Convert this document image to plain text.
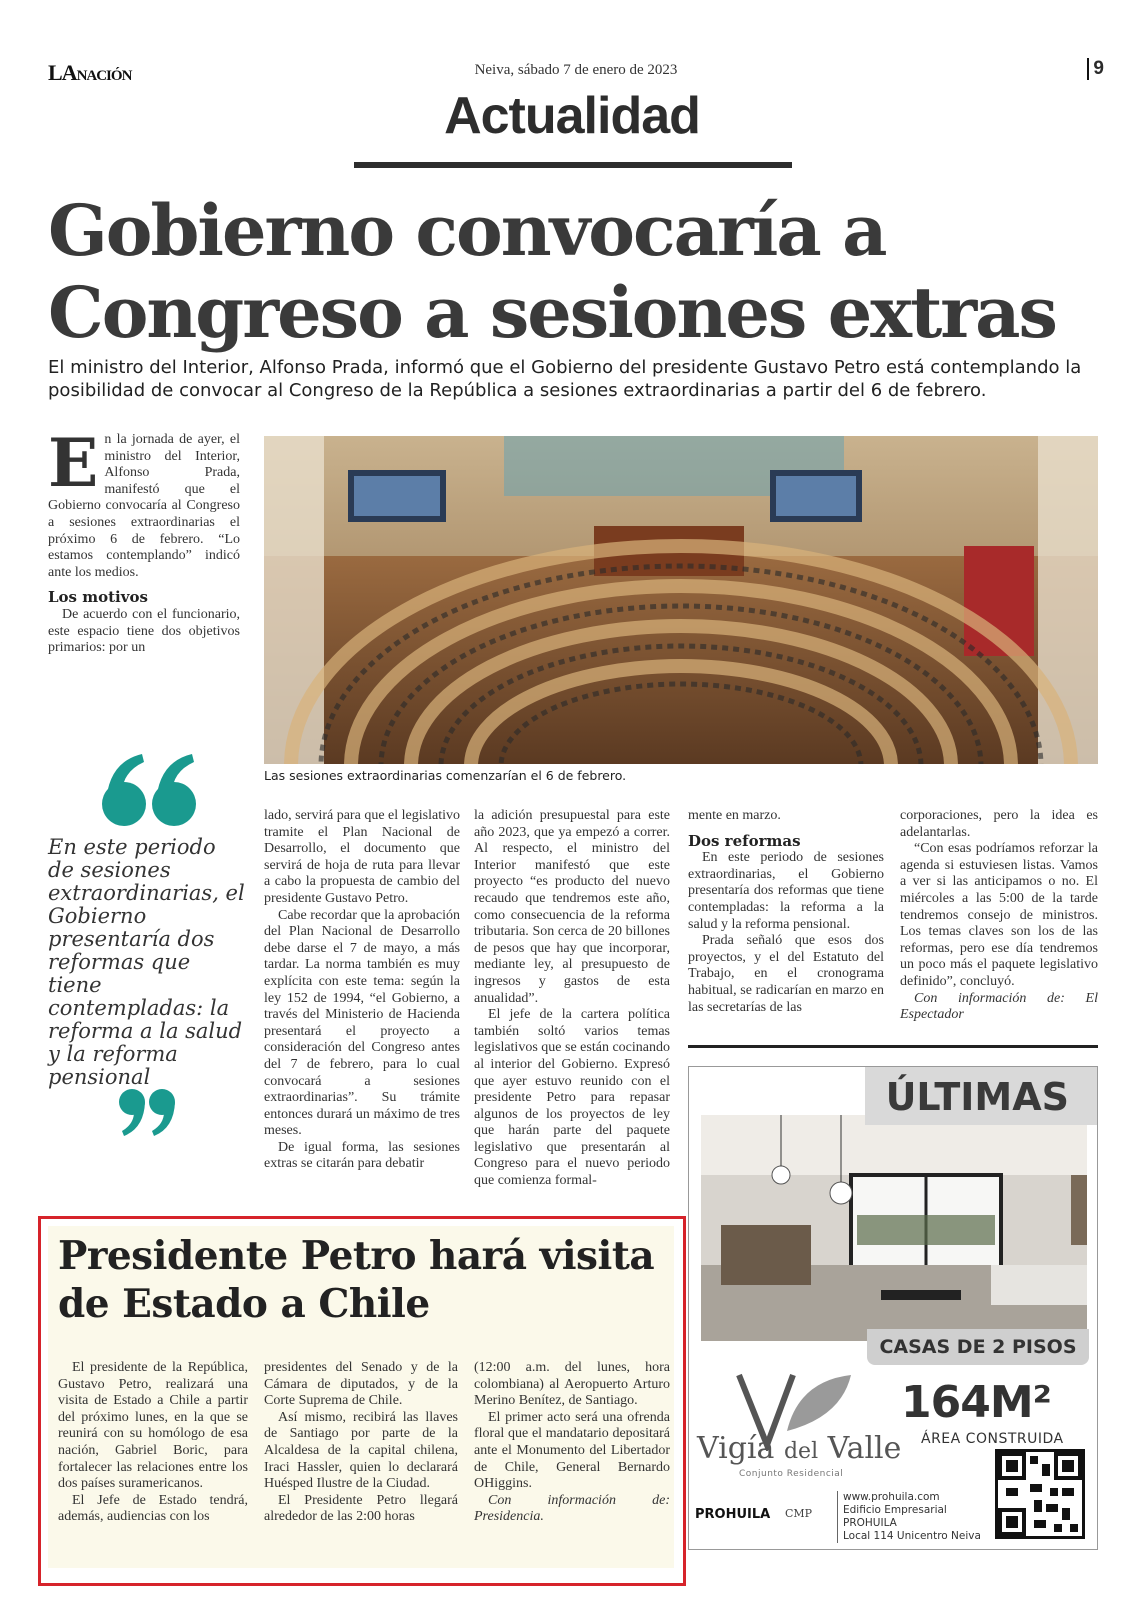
LANACIÓN	Neiva, sábado 7 de enero de 2023	9
Actualidad
Gobierno convocaría a
Congreso a sesiones extras

El ministro del Interior, Alfonso Prada, informó que el Gobierno del presidente Gustavo Petro está contemplando la posibilidad de convocar al Congreso de la República a sesiones extraordinarias a partir del 6 de febrero.

En la jornada de ayer, el ministro del Interior, Alfonso Prada, manifestó que el Gobierno convocaría al Congreso a sesiones extraordinarias el próximo 6 de febrero. “Lo estamos contemplando” indicó ante los medios.

Los motivos

De acuerdo con el funcionario, este espacio tiene dos objetivos primarios: por un

Las sesiones extraordinarias comenzarían el 6 de febrero.
En este periodo de sesiones extraordinarias, el Gobierno presentaría dos reformas que tiene contempladas: la reforma a la salud y la reforma pensional

lado, servirá para que el legislativo tramite el Plan Nacional de Desarrollo, el documento que servirá de hoja de ruta para llevar a cabo la propuesta de cambio del presidente Gustavo Petro.

Cabe recordar que la aprobación del Plan Nacional de Desarrollo debe darse el 7 de mayo, a más tardar. La norma también es muy explícita con este tema: según la ley 152 de 1994, “el Gobierno, a través del Ministerio de Hacienda presentará el proyecto a consideración del Congreso antes del 7 de febrero, para lo cual convocará a sesiones extraordinarias”. Su trámite entonces durará un máximo de tres meses.

De igual forma, las sesiones extras se citarán para debatir

la adición presupuestal para este año 2023, que ya empezó a correr. Al respecto, el ministro del Interior manifestó que este proyecto “es producto del nuevo recaudo que tendremos este año, como consecuencia de la reforma tributaria. Son cerca de 20 billones de pesos que hay que incorporar, mediante ley, al presupuesto de ingresos y gastos de esta anualidad”.

El jefe de la cartera política también soltó varios temas legislativos que se están cocinando al interior del Gobierno. Expresó que ayer estuvo reunido con el presidente Petro para repasar algunos de los proyectos de ley que harán parte del paquete legislativo que presentarán al Congreso para el nuevo periodo que comienza formal-

mente en marzo.

Dos reformas

En este periodo de sesiones extraordinarias, el Gobierno presentaría dos reformas que tiene contempladas: la reforma a la salud y la reforma pensional.

Prada señaló que esos dos proyectos, y el del Estatuto del Trabajo, en el cronograma habitual, se radicarían en marzo en las secretarías de las

corporaciones, pero la idea es adelantarlas.

“Con esas podríamos reforzar la agenda si estuviesen listas. Vamos a ver si las anticipamos o no. El miércoles a las 5:00 de la tarde tendremos consejo de ministros. Los temas claves son los de las reformas, pero ese día tendremos un poco más el paquete legislativo definido”, concluyó.

Con información de: El Espectador

Presidente Petro hará visita
de Estado a Chile

El presidente de la República, Gustavo Petro, realizará una visita de Estado a Chile a partir del próximo lunes, en la que se reunirá con su homólogo de esa nación, Gabriel Boric, para fortalecer las relaciones entre los dos países suramericanos.

El Jefe de Estado tendrá, además, audiencias con los

presidentes del Senado y de la Cámara de diputados, y de la Corte Suprema de Chile.

Así mismo, recibirá las llaves de Santiago por parte de la Alcaldesa de la capital chilena, Iraci Hassler, quien lo declarará Huésped Ilustre de la Ciudad.

El Presidente Petro llegará alrededor de las 2:00 horas

(12:00 a.m. del lunes, hora colombiana) al Aeropuerto Arturo Merino Benítez, de Santiago.

El primer acto será una ofrenda floral que el mandatario depositará ante el Monumento del Libertador de Chile, General Bernardo OHiggins.

Con información de: Presidencia.

ÚLTIMAS
CASAS DE 2 PISOS
Vigía del Valle
Conjunto Residencial
164M²
ÁREA CONSTRUIDA
PROHUILA CMP
www.prohuila.com
Edificio Empresarial PROHUILA
Local 114 Unicentro Neiva
